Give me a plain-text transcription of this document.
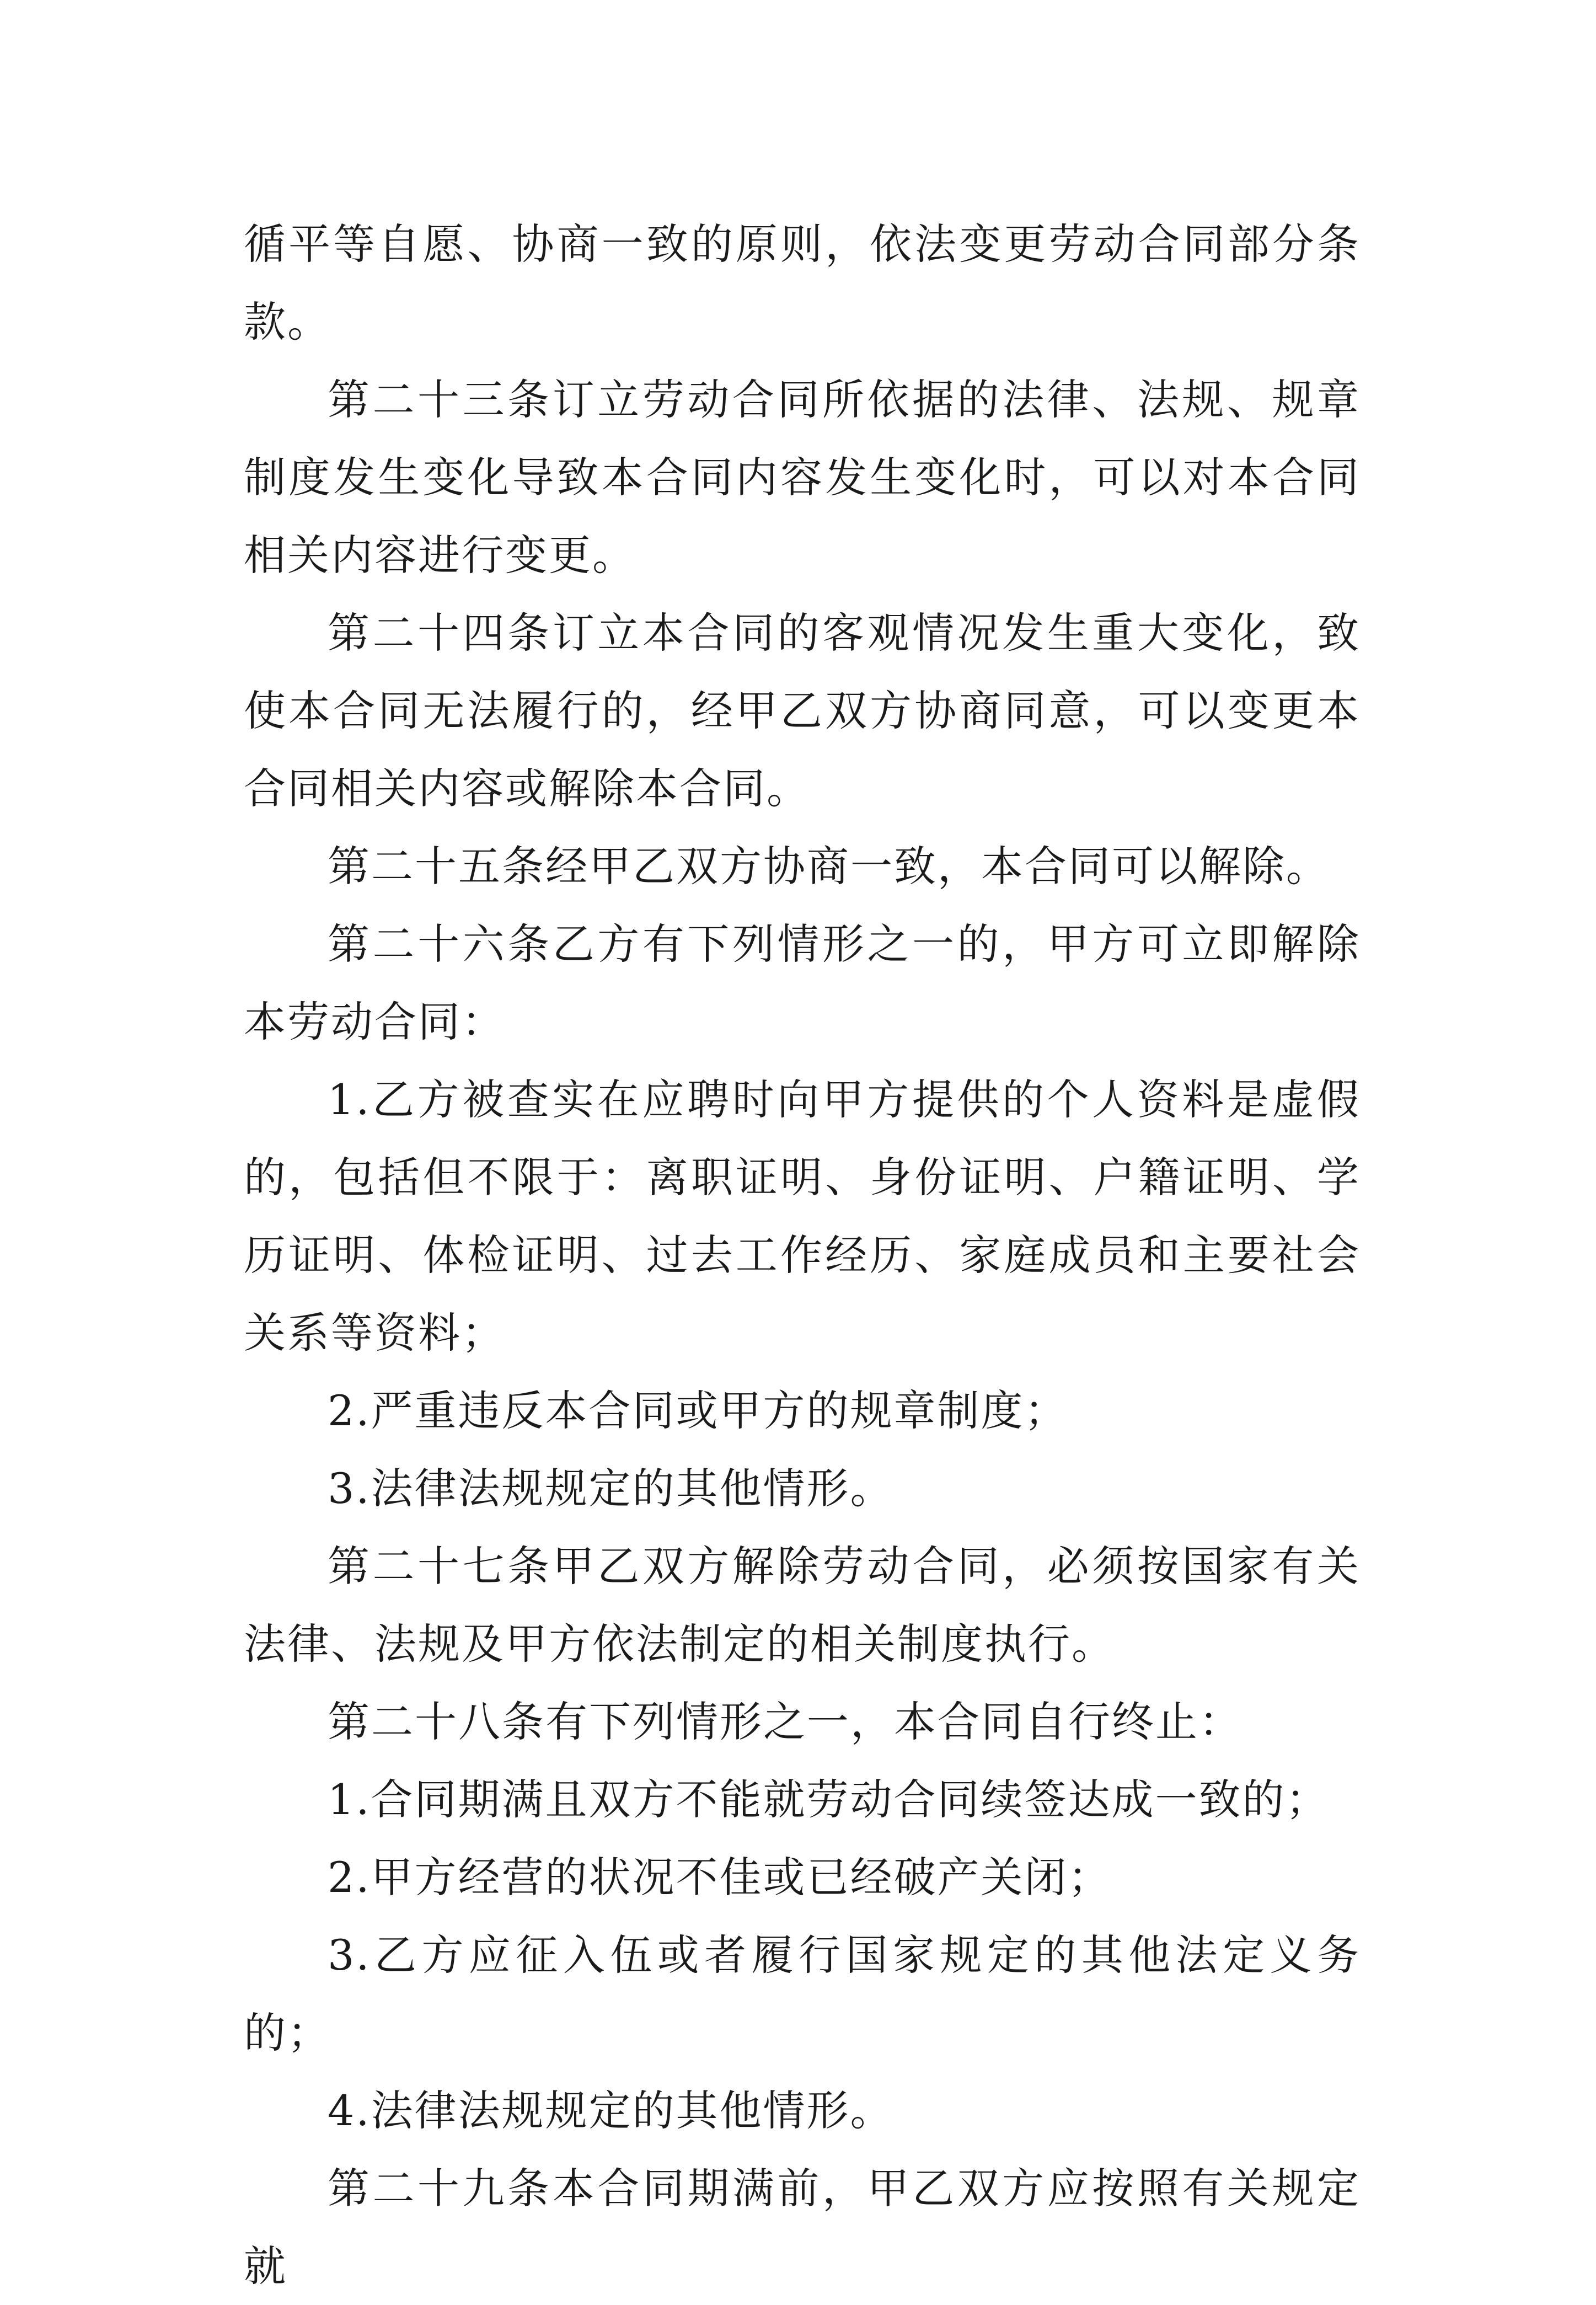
循平等自愿、协商一致的原则，依法变更劳动合同部分条款。

第二十三条订立劳动合同所依据的法律、法规、规章制度发生变化导致本合同内容发生变化时，可以对本合同相关内容进行变更。

第二十四条订立本合同的客观情况发生重大变化，致使本合同无法履行的，经甲乙双方协商同意，可以变更本合同相关内容或解除本合同。

第二十五条经甲乙双方协商一致，本合同可以解除。

第二十六条乙方有下列情形之一的，甲方可立即解除本劳动合同：

1.乙方被查实在应聘时向甲方提供的个人资料是虚假的，包括但不限于：离职证明、身份证明、户籍证明、学历证明、体检证明、过去工作经历、家庭成员和主要社会关系等资料；

2.严重违反本合同或甲方的规章制度；

3.法律法规规定的其他情形。

第二十七条甲乙双方解除劳动合同，必须按国家有关法律、法规及甲方依法制定的相关制度执行。

第二十八条有下列情形之一，本合同自行终止：

1.合同期满且双方不能就劳动合同续签达成一致的；

2.甲方经营的状况不佳或已经破产关闭；

3.乙方应征入伍或者履行国家规定的其他法定义务的；

4.法律法规规定的其他情形。

第二十九条本合同期满前，甲乙双方应按照有关规定就
